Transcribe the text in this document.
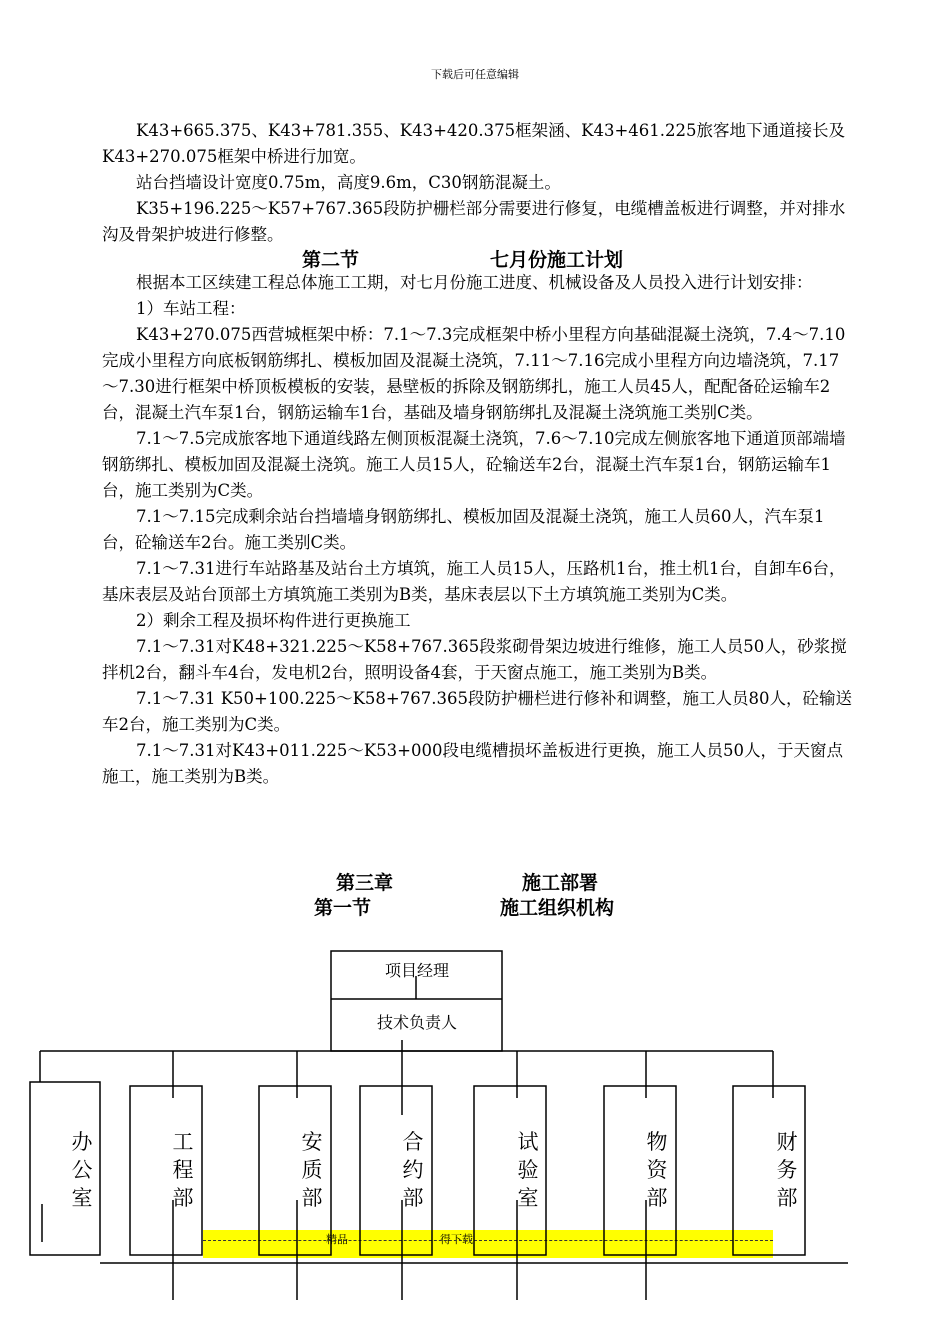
下载后可任意编辑

K43+665.375、K43+781.355、K43+420.375框架涵、K43+461.225旅客地下通道接长及K43+270.075框架中桥进行加宽。

站台挡墙设计宽度0.75m，高度9.6m，C30钢筋混凝土。

K35+196.225～K57+767.365段防护栅栏部分需要进行修复，电缆槽盖板进行调整，并对排水沟及骨架护坡进行修整。

第二节	七月份施工计划

根据本工区续建工程总体施工工期，对七月份施工进度、机械设备及人员投入进行计划安排：

1）车站工程：

K43+270.075西营城框架中桥：7.1～7.3完成框架中桥小里程方向基础混凝土浇筑，7.4～7.10完成小里程方向底板钢筋绑扎、模板加固及混凝土浇筑，7.11～7.16完成小里程方向边墙浇筑，7.17～7.30进行框架中桥顶板模板的安装，悬壁板的拆除及钢筋绑扎，施工人员45人，配配备砼运输车2台，混凝土汽车泵1台，钢筋运输车1台，基础及墙身钢筋绑扎及混凝土浇筑施工类别C类。

7.1～7.5完成旅客地下通道线路左侧顶板混凝土浇筑，7.6～7.10完成左侧旅客地下通道顶部端墙钢筋绑扎、模板加固及混凝土浇筑。施工人员15人，砼输送车2台，混凝土汽车泵1台，钢筋运输车1台，施工类别为C类。

7.1～7.15完成剩余站台挡墙墙身钢筋绑扎、模板加固及混凝土浇筑，施工人员60人，汽车泵1台，砼输送车2台。施工类别C类。

7.1～7.31进行车站路基及站台土方填筑，施工人员15人，压路机1台，推土机1台，自卸车6台，基床表层及站台顶部土方填筑施工类别为B类，基床表层以下土方填筑施工类别为C类。

2）剩余工程及损坏构件进行更换施工

7.1～7.31对K48+321.225～K58+767.365段浆砌骨架边坡进行维修，施工人员50人，砂浆搅拌机2台，翻斗车4台，发电机2台，照明设备4套，于天窗点施工，施工类别为B类。

7.1～7.31 K50+100.225～K58+767.365段防护栅栏进行修补和调整，施工人员80人，砼输送车2台，施工类别为C类。

7.1～7.31对K43+011.225～K53+000段电缆槽损坏盖板进行更换，施工人员50人，于天窗点施工，施工类别为B类。

第三章	施工部署
第一节	施工组织机构
精品	得下载
项目经理
技术负责人
办
公
室
工
程
部
安
质
部
合
约
部
试
验
室
物
资
部
财
务
部
